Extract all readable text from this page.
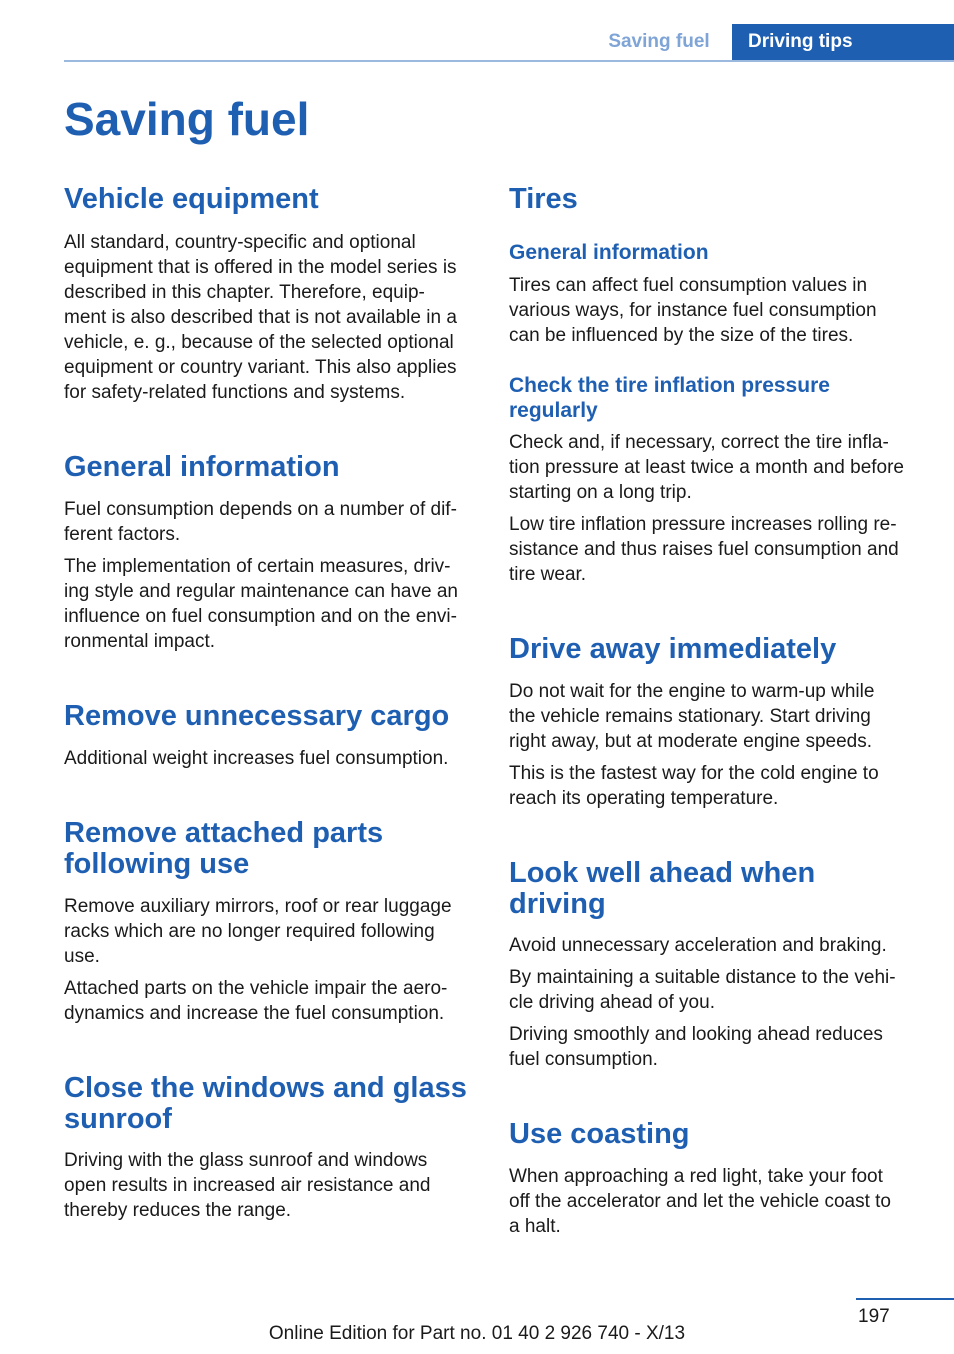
Saving fuel	Driving tips
Saving fuel
Vehicle equipment

All standard, country-specific and optional
equipment that is offered in the model series is
described in this chapter. Therefore, equip-
ment is also described that is not available in a
vehicle, e. g., because of the selected optional
equipment or country variant. This also applies
for safety-related functions and systems.

General information

Fuel consumption depends on a number of dif-
ferent factors.

The implementation of certain measures, driv-
ing style and regular maintenance can have an
influence on fuel consumption and on the envi-
ronmental impact.

Remove unnecessary cargo

Additional weight increases fuel consumption.

Remove attached parts
following use

Remove auxiliary mirrors, roof or rear luggage
racks which are no longer required following
use.

Attached parts on the vehicle impair the aero-
dynamics and increase the fuel consumption.

Close the windows and glass
sunroof

Driving with the glass sunroof and windows
open results in increased air resistance and
thereby reduces the range.

Tires
General information

Tires can affect fuel consumption values in
various ways, for instance fuel consumption
can be influenced by the size of the tires.

Check the tire inflation pressure
regularly

Check and, if necessary, correct the tire infla-
tion pressure at least twice a month and before
starting on a long trip.

Low tire inflation pressure increases rolling re-
sistance and thus raises fuel consumption and
tire wear.

Drive away immediately

Do not wait for the engine to warm-up while
the vehicle remains stationary. Start driving
right away, but at moderate engine speeds.

This is the fastest way for the cold engine to
reach its operating temperature.

Look well ahead when
driving

Avoid unnecessary acceleration and braking.

By maintaining a suitable distance to the vehi-
cle driving ahead of you.

Driving smoothly and looking ahead reduces
fuel consumption.

Use coasting

When approaching a red light, take your foot
off the accelerator and let the vehicle coast to
a halt.

197
Online Edition for Part no. 01 40 2 926 740 - X/13
